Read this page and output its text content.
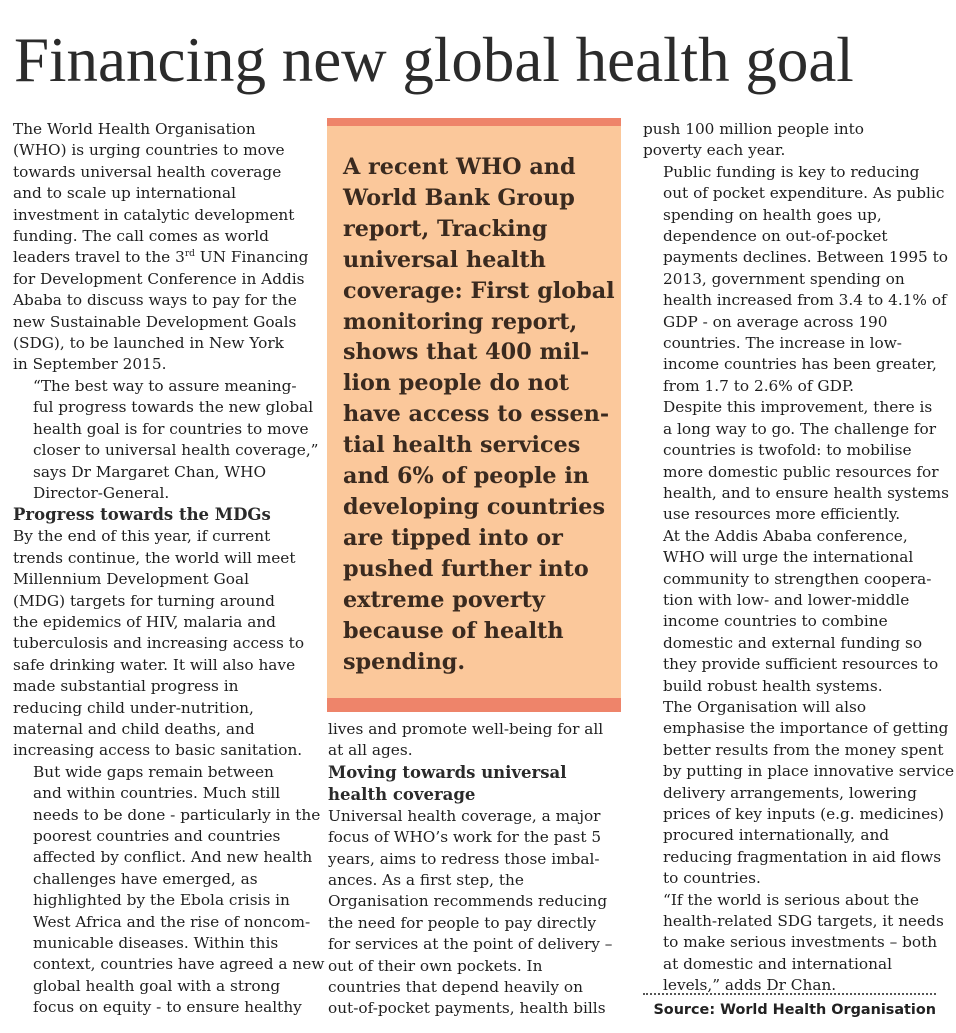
Financing new global health goal

The World Health Organisation
(WHO) is urging countries to move
towards universal health coverage
and to scale up international
investment in catalytic development
funding. The call comes as world
leaders travel to the 3rd UN Financing
for Development Conference in Addis
Ababa to discuss ways to pay for the
new Sustainable Development Goals
(SDG), to be launched in New York
in September 2015.

“The best way to assure meaning-
ful progress towards the new global
health goal is for countries to move
closer to universal health coverage,”
says Dr Margaret Chan, WHO
Director-General.

Progress towards the MDGs

By the end of this year, if current
trends continue, the world will meet
Millennium Development Goal
(MDG) targets for turning around
the epidemics of HIV, malaria and
tuberculosis and increasing access to
safe drinking water. It will also have
made substantial progress in
reducing child under-nutrition,
maternal and child deaths, and
increasing access to basic sanitation.

But wide gaps remain between
and within countries. Much still
needs to be done - particularly in the
poorest countries and countries
affected by conflict. And new health
challenges have emerged, as
highlighted by the Ebola crisis in
West Africa and the rise of noncom-
municable diseases. Within this
context, countries have agreed a new
global health goal with a strong
focus on equity - to ensure healthy

A recent WHO and
World Bank Group
report, Tracking
universal health
coverage: First global
monitoring report,
shows that 400 mil-
lion people do not
have access to essen-
tial health services
and 6% of people in
developing countries
are tipped into or
pushed further into
extreme poverty
because of health
spending.

lives and promote well-being for all
at all ages.

Moving towards universal
health coverage

Universal health coverage, a major
focus of WHO’s work for the past 5
years, aims to redress those imbal-
ances. As a first step, the
Organisation recommends reducing
the need for people to pay directly
for services at the point of delivery –
out of their own pockets. In
countries that depend heavily on
out-of-pocket payments, health bills

push 100 million people into
poverty each year.

Public funding is key to reducing
out of pocket expenditure. As public
spending on health goes up,
dependence on out-of-pocket
payments declines. Between 1995 to
2013, government spending on
health increased from 3.4 to 4.1% of
GDP - on average across 190
countries. The increase in low-
income countries has been greater,
from 1.7 to 2.6% of GDP.

Despite this improvement, there is
a long way to go. The challenge for
countries is twofold: to mobilise
more domestic public resources for
health, and to ensure health systems
use resources more efficiently.

At the Addis Ababa conference,
WHO will urge the international
community to strengthen coopera-
tion with low- and lower-middle
income countries to combine
domestic and external funding so
they provide sufficient resources to
build robust health systems.

The Organisation will also
emphasise the importance of getting
better results from the money spent
by putting in place innovative service
delivery arrangements, lowering
prices of key inputs (e.g. medicines)
procured internationally, and
reducing fragmentation in aid flows
to countries.

“If the world is serious about the
health-related SDG targets, it needs
to make serious investments – both
at domestic and international
levels,” adds Dr Chan.

Source: World Health Organisation
